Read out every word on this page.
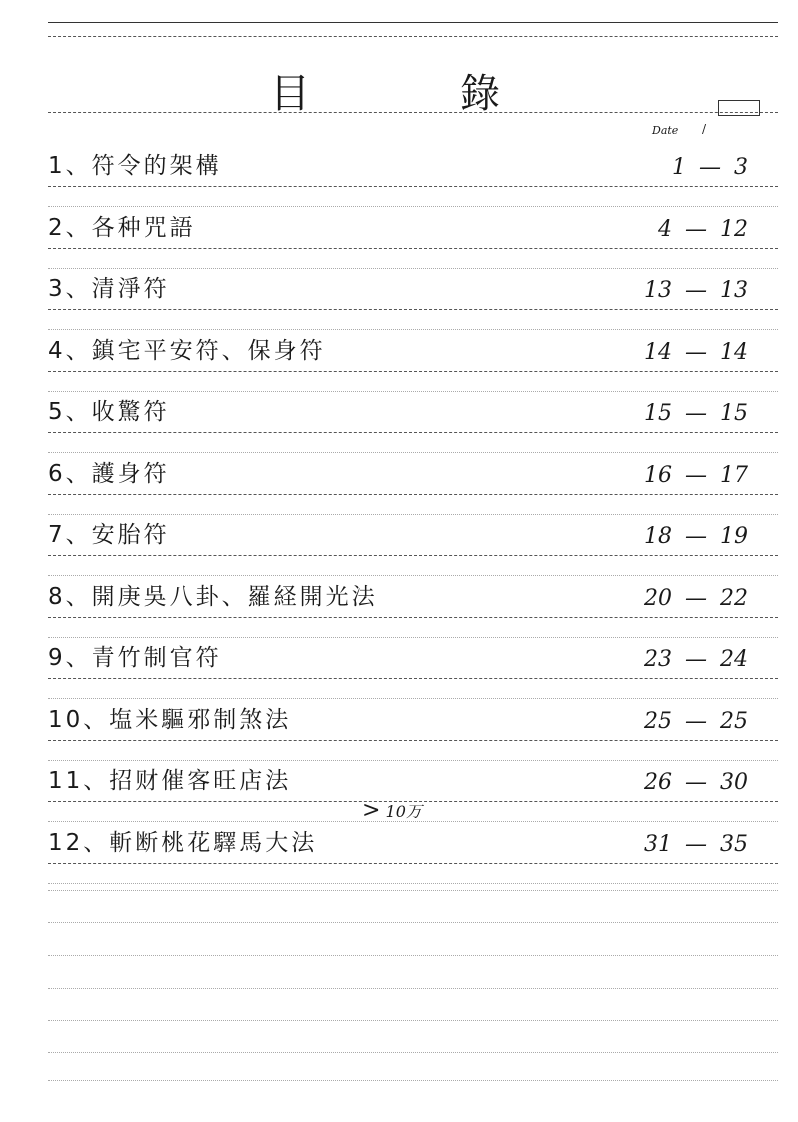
目	錄
Date /
1、符令的架構	1 — 3
2、各种咒語	4 — 12
3、清淨符	13 — 13
4、鎮宅平安符、保身符	14 — 14
5、收驚符	15 — 15
6、護身符	16 — 17
7、安胎符	18 — 19
8、開庚吳八卦、羅経開光法	20 — 22
9、青竹制官符	23 — 24
10、塩米驅邪制煞法	25 — 25
11、招财催客旺店法	26 — 30
12、斬断桃花驛馬大法	31 — 35
> 10万
